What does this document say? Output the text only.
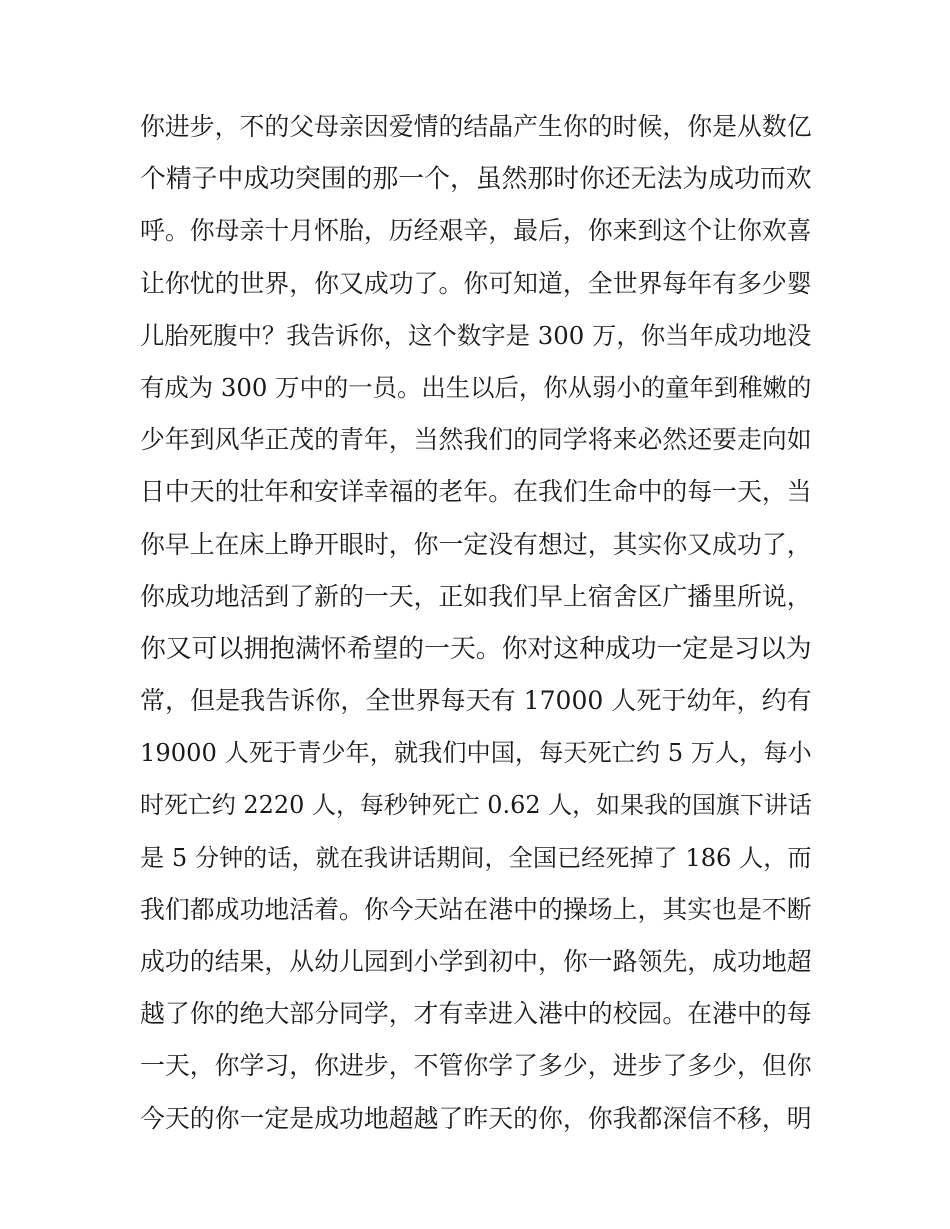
你进步，不的父母亲因爱情的结晶产生你的时候，你是从数亿
个精子中成功突围的那一个，虽然那时你还无法为成功而欢
呼。你母亲十月怀胎，历经艰辛，最后，你来到这个让你欢喜
让你忧的世界，你又成功了。你可知道，全世界每年有多少婴
儿胎死腹中？我告诉你，这个数字是 300 万，你当年成功地没
有成为 300 万中的一员。出生以后，你从弱小的童年到稚嫩的
少年到风华正茂的青年，当然我们的同学将来必然还要走向如
日中天的壮年和安详幸福的老年。在我们生命中的每一天，当
你早上在床上睁开眼时，你一定没有想过，其实你又成功了，
你成功地活到了新的一天，正如我们早上宿舍区广播里所说，
你又可以拥抱满怀希望的一天。你对这种成功一定是习以为
常，但是我告诉你，全世界每天有 17000 人死于幼年，约有
19000 人死于青少年，就我们中国，每天死亡约 5 万人，每小
时死亡约 2220 人，每秒钟死亡 0.62 人，如果我的国旗下讲话
是 5 分钟的话，就在我讲话期间，全国已经死掉了 186 人，而
我们都成功地活着。你今天站在港中的操场上，其实也是不断
成功的结果，从幼儿园到小学到初中，你一路领先，成功地超
越了你的绝大部分同学，才有幸进入港中的校园。在港中的每
一天，你学习，你进步，不管你学了多少，进步了多少，但你
今天的你一定是成功地超越了昨天的你，你我都深信不移，明
